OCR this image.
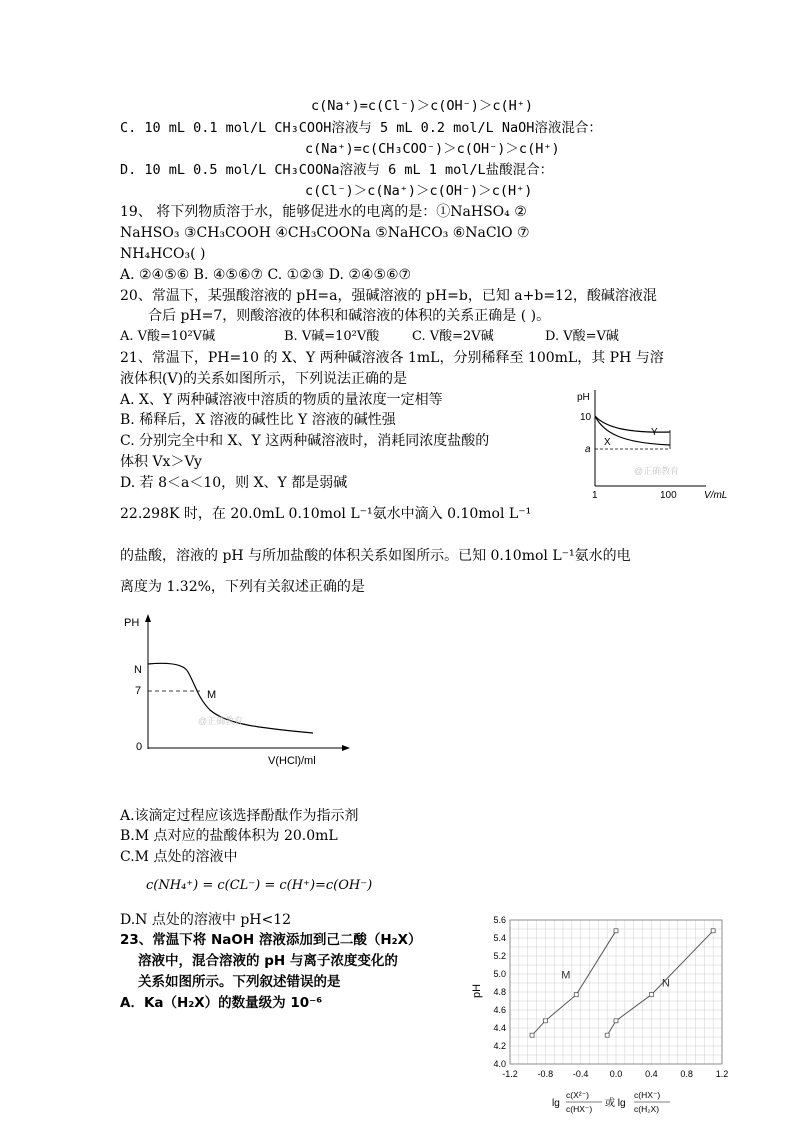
c(Na⁺)=c(Cl⁻)＞c(OH⁻)＞c(H⁺)
C. 10 mL 0.1 mol/L CH₃COOH溶液与 5 mL 0.2 mol/L NaOH溶液混合：
c(Na⁺)=c(CH₃COO⁻)＞c(OH⁻)＞c(H⁺)
D. 10 mL 0.5 mol/L CH₃COONa溶液与 6 mL 1 mol/L盐酸混合：
c(Cl⁻)＞c(Na⁺)＞c(OH⁻)＞c(H⁺)
19、 将下列物质溶于水，能够促进水的电离的是：①NaHSO₄ ②
NaHSO₃ ③CH₃COOH ④CH₃COONa ⑤NaHCO₃ ⑥NaClO ⑦
NH₄HCO₃( )
A. ②④⑤⑥ B. ④⑤⑥⑦ C. ①②③ D. ②④⑤⑥⑦
20、常温下，某强酸溶液的 pH=a，强碱溶液的 pH=b，已知 a+b=12，酸碱溶液混
合后 pH=7，则酸溶液的体积和碱溶液的体积的关系正确是 ( )。
A. V酸=10²V碱	B. V碱=10²V酸	C. V酸=2V碱	D. V酸=V碱
21、常温下，PH=10 的 X、Y 两种碱溶液各 1mL，分别稀释至 100mL，其 PH 与溶
液体积(V)的关系如图所示，下列说法正确的是
A. X、Y 两种碱溶液中溶质的物质的量浓度一定相等
B. 稀释后，X 溶液的碱性比 Y 溶液的碱性强
C. 分别完全中和 X、Y 这两种碱溶液时，消耗同浓度盐酸的
体积 Vx＞Vy
D. 若 8＜a＜10，则 X、Y 都是弱碱
22.298K 时，在 20.0mL 0.10mol L⁻¹氨水中滴入 0.10mol L⁻¹
的盐酸，溶液的 pH 与所加盐酸的体积关系如图所示。已知 0.10mol L⁻¹氨水的电
离度为 1.32%，下列有关叙述正确的是
A.该滴定过程应该选择酚酞作为指示剂
B.M 点对应的盐酸体积为 20.0mL
C.M 点处的溶液中
c(NH₄⁺) = c(CL⁻) = c(H⁺)=c(OH⁻)
D.N 点处的溶液中 pH<12
23、常温下将 NaOH 溶液添加到己二酸（H₂X）
溶液中，混合溶液的 pH 与离子浓度变化的
关系如图所示。下列叙述错误的是
A．Ka（H₂X）的数量级为 10⁻⁶
pH
10
a
Y
X
1	100	V/mL
@正确教育
PH
N
7
0
M
V(HCl)/ml
@正确教育
5.6
5.4
5.2
5.0
4.8
4.6
4.4
4.2
4.0
-1.2 -0.8 -0.4 0.0	0.4	0.8	1.2
pH
M
N
lg
c(X²⁻)
c(HX⁻) 或 lg
c(HX⁻)
c(H₂X)
